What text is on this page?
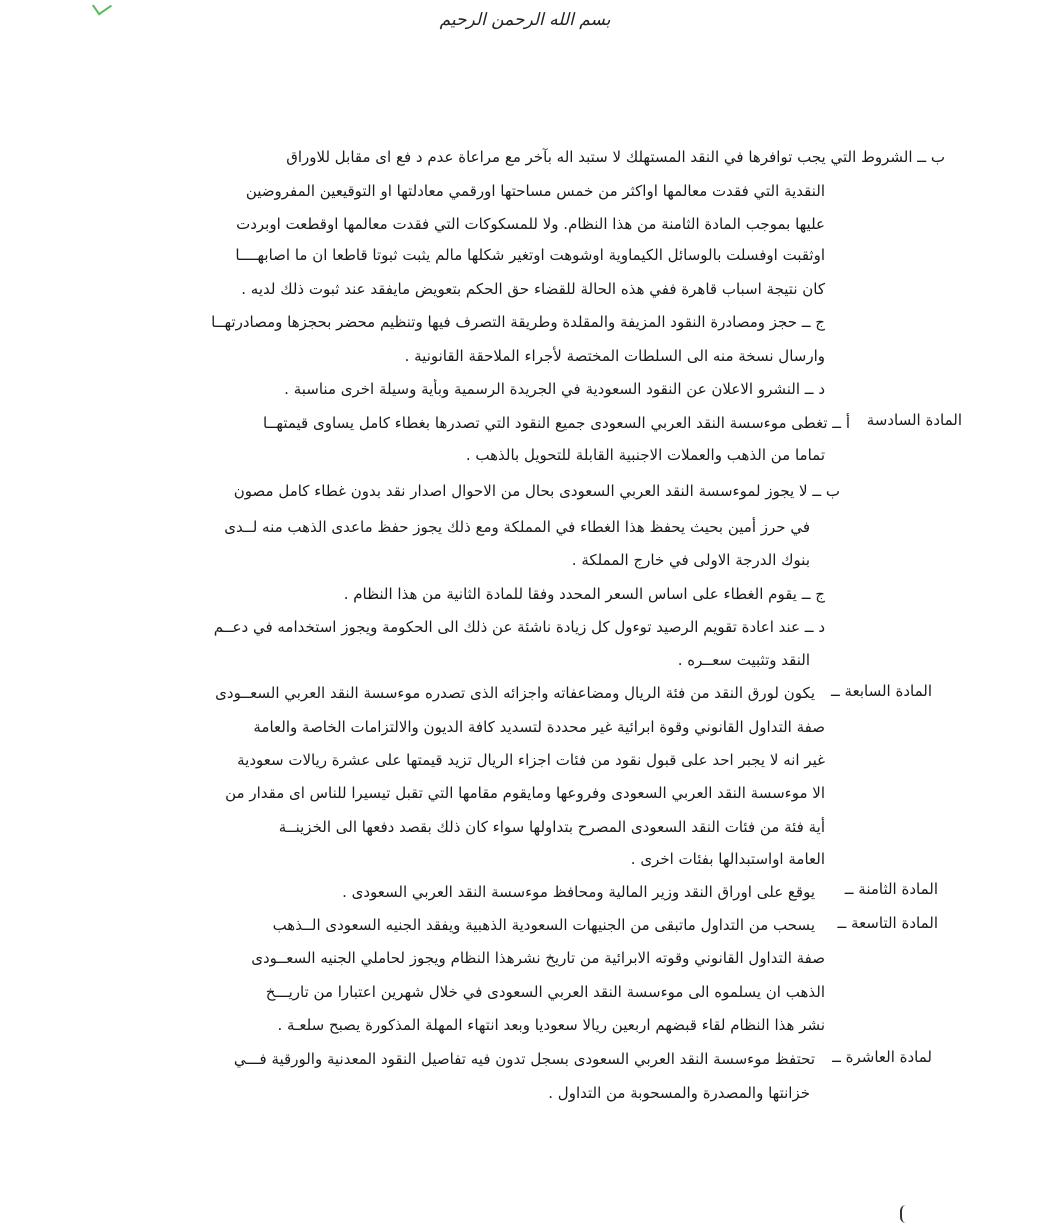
بسم الله الرحمن الرحيم
المادة السادسة
المادة السابعة ــ
المادة الثامنة ــ
المادة التاسعة ــ
لمادة العاشرة ــ
ب ــ الشروط التي يجب توافرها في النقد المستهلك لا ستبد اله بآخر مع مراعاة عدم د فع اى مقابل للاوراق
النقدية التي فقدت معالمها اواكثر من خمس مساحتها اورقمي معادلتها او التوقيعين المفروضين
عليها بموجب المادة الثامنة من هذا النظام. ولا للمسكوكات التي فقدت معالمها اوقطعت اوبردت
اوثقبت اوفسلت بالوسائل الكيماوية اوشوهت اوتغير شكلها مالم يثبت ثبوتا قاطعا ان ما اصابهــــا
كان نتيجة اسباب قاهرة ففي هذه الحالة للقضاء حق الحكم بتعويض مايفقد عند ثبوت ذلك لديه .
ج ــ حجز ومصادرة النقود المزيفة والمقلدة وطريقة التصرف فيها وتنظيم محضر بحجزها ومصادرتهــا
وارسال نسخة منه الى السلطات المختصة لأجراء الملاحقة القانونية .
د ــ النشرو الاعلان عن النقود السعودية في الجريدة الرسمية وبأية وسيلة اخرى مناسبة .
أ ــ تغطى موءسسة النقد العربي السعودى جميع النقود التي تصدرها بغطاء كامل يساوى قيمتهــا
تماما من الذهب والعملات الاجنبية القابلة للتحويل بالذهب .
ب ــ لا يجوز لموءسسة النقد العربي السعودى بحال من الاحوال اصدار نقد بدون غطاء كامل مصون
في حرز أمين بحيث يحفظ هذا الغطاء في المملكة ومع ذلك يجوز حفظ ماعدى الذهب منه لــدى
بنوك الدرجة الاولى في خارج المملكة .
ج ــ يقوم الغطاء على اساس السعر المحدد وفقا للمادة الثانية من هذا النظام .
د ــ عند اعادة تقويم الرصيد توءول كل زيادة ناشئة عن ذلك الى الحكومة ويجوز استخدامه في دعــم
النقد وتثبيت سعــره .
يكون لورق النقد من فئة الريال ومضاعفاته واجزائه الذى تصدره موءسسة النقد العربي السعــودى
صفة التداول القانوني وقوة ابرائية غير محددة لتسديد كافة الديون والالتزامات الخاصة والعامة
غير انه لا يجبر احد على قبول نقود من فئات اجزاء الريال تزيد قيمتها على عشرة ريالات سعودية
الا موءسسة النقد العربي السعودى وفروعها ومايقوم مقامها التي تقبل تيسيرا للناس اى مقدار من
أية فئة من فئات النقد السعودى المصرح بتداولها سواء كان ذلك بقصد دفعها الى الخزينــة
العامة اواستبدالها بفئات اخرى .
يوقع على اوراق النقد وزير المالية ومحافظ موءسسة النقد العربي السعودى .
يسحب من التداول ماتبقى من الجنيهات السعودية الذهبية ويفقد الجنيه السعودى الــذهب
صفة التداول القانوني وقوته الابرائية من تاريخ نشرهذا النظام ويجوز لحاملي الجنيه السعــودى
الذهب ان يسلموه الى موءسسة النقد العربي السعودى في خلال شهرين اعتبارا من تاريـــخ
نشر هذا النظام لقاء قبضهم اربعين ريالا سعوديا وبعد انتهاء المهلة المذكورة يصبح سلعـة .
تحتفظ موءسسة النقد العربي السعودى بسجل تدون فيه تفاصيل النقود المعدنية والورقية فـــي
خزانتها والمصدرة والمسحوبة من التداول .
